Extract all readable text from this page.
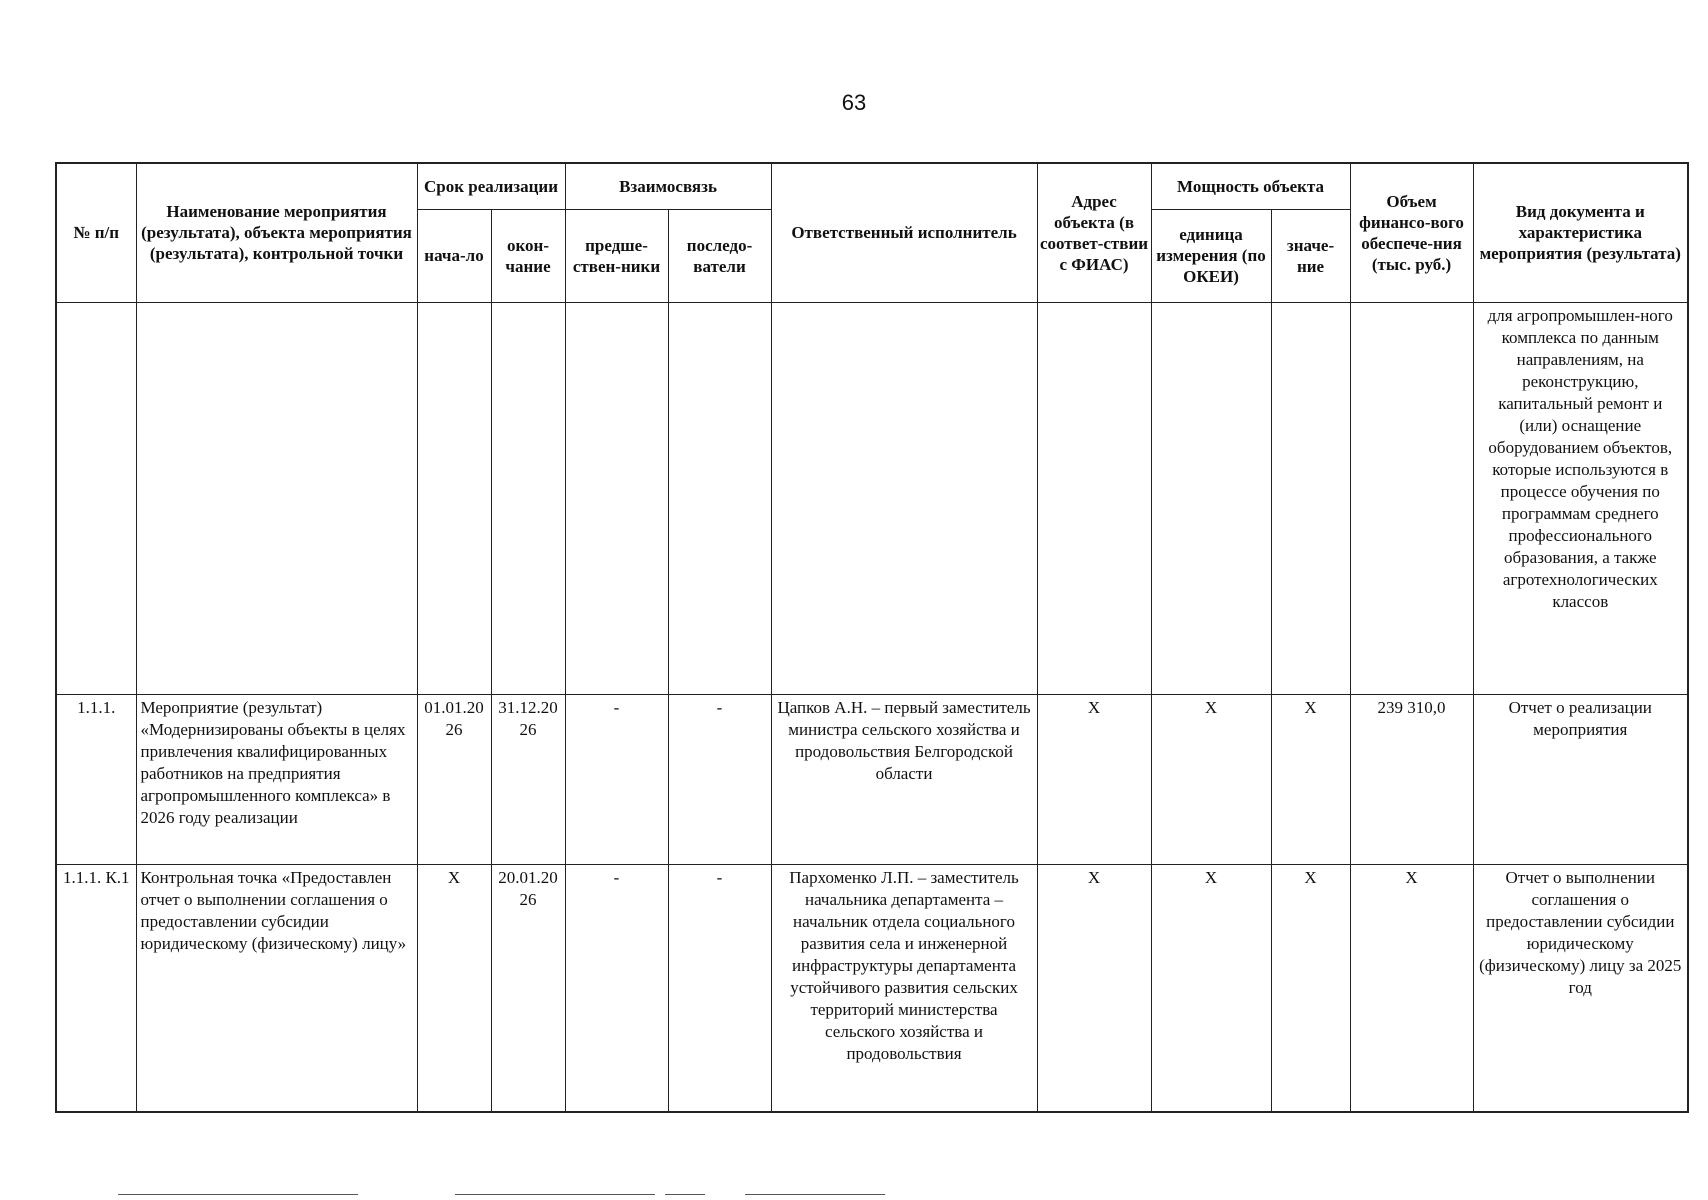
63
№ п/п	Наименование мероприятия (результата), объекта мероприятия (результата), контрольной точки	Срок реализации		Взаимосвязь		Ответственный исполнитель	Адрес объекта (в соответ-ствии с ФИАС)	Мощность объекта		Объем финансо-вого обеспече-ния (тыс. руб.)	Вид документа и характеристика мероприятия (результата)
		нача-ло	окон-чание	предше-ствен-ники	последо-ватели			единица измерения (по ОКЕИ)	значе-ние		
											для агропромышлен-ного комплекса по данным направлениям, на реконструкцию, капитальный ремонт и (или) оснащение оборудованием объектов, которые используются в процессе обучения по программам среднего профессионального образования, а также агротехнологических классов
1.1.1.	Мероприятие (результат) «Модернизированы объекты в целях привлечения квалифицированных работников на предприятия агропромышленного комплекса» в 2026 году реализации	01.01.2026	31.12.2026	-	-	Цапков А.Н. – первый заместитель министра сельского хозяйства и продовольствия Белгородской области	Х	Х	Х	239 310,0	Отчет о реализации мероприятия
1.1.1. К.1	Контрольная точка «Предоставлен отчет о выполнении соглашения о предоставлении субсидии юридическому (физическому) лицу»	Х	20.01.2026	-	-	Пархоменко Л.П. – заместитель начальника департамента – начальник отдела социального развития села и инженерной инфраструктуры департамента устойчивого развития сельских территорий министерства сельского хозяйства и продовольствия	Х	Х	Х	Х	Отчет о выполнении соглашения о предоставлении субсидии юридическому (физическому) лицу за 2025 год
